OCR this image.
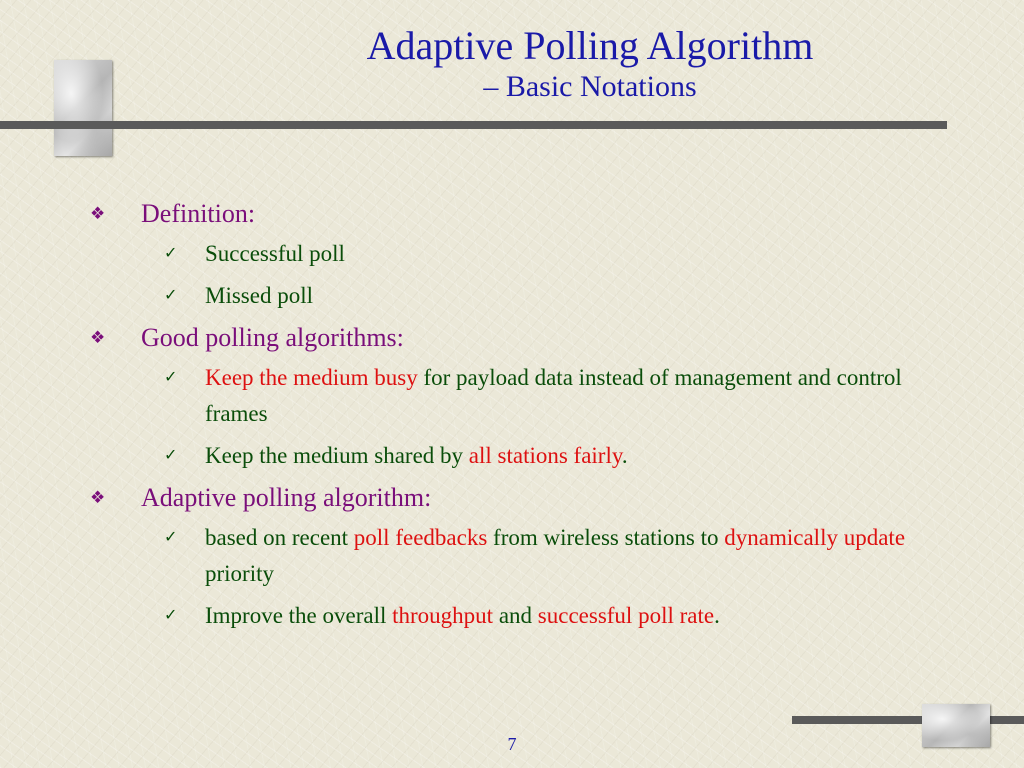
Adaptive Polling Algorithm
– Basic Notations
❖ Definition:
✓ Successful poll
✓ Missed poll
❖ Good polling algorithms:
✓ Keep the medium busy for payload data instead of management and control frames
✓ Keep the medium shared by all stations fairly.
❖ Adaptive polling algorithm:
✓ based on recent poll feedbacks from wireless stations to dynamically update priority
✓ Improve the overall throughput and successful poll rate.
7
